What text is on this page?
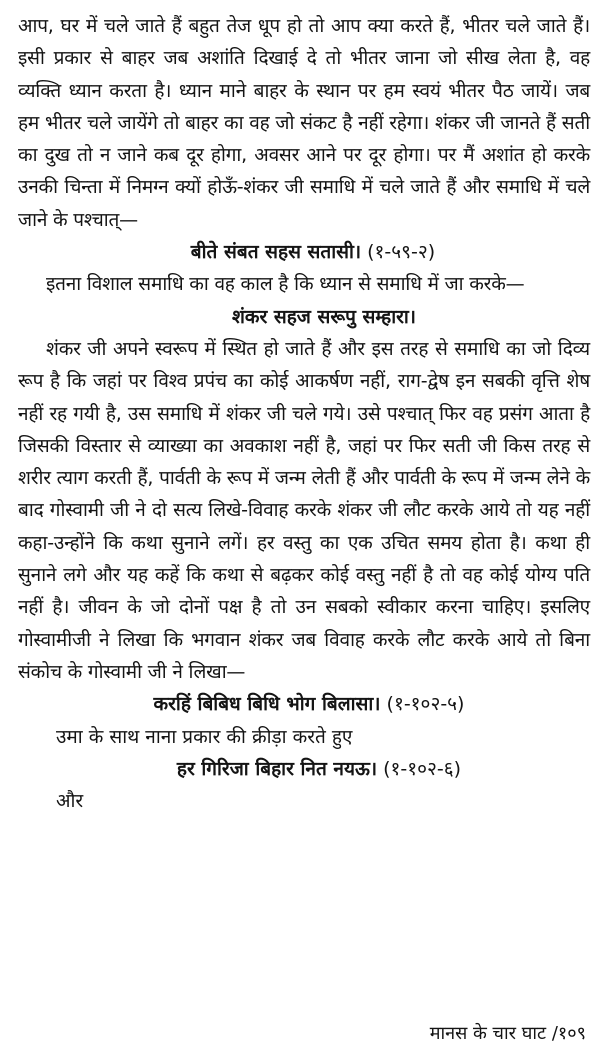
आप, घर में चले जाते हैं बहुत तेज धूप हो तो आप क्या करते हैं, भीतर चले जाते हैं। इसी प्रकार से बाहर जब अशांति दिखाई दे तो भीतर जाना जो सीख लेता है, वह व्यक्ति ध्यान करता है। ध्यान माने बाहर के स्थान पर हम स्वयं भीतर पैठ जायें। जब हम भीतर चले जायेंगे तो बाहर का वह जो संकट है नहीं रहेगा। शंकर जी जानते हैं सती का दुख तो न जाने कब दूर होगा, अवसर आने पर दूर होगा। पर मैं अशांत हो करके उनकी चिन्ता में निमग्न क्यों होऊँ-शंकर जी समाधि में चले जाते हैं और समाधि में चले जाने के पश्चात्—

बीते संबत सहस सतासी। (१-५९-२)

इतना विशाल समाधि का वह काल है कि ध्यान से समाधि में जा करके—

शंकर सहज सरूपु सम्हारा।

शंकर जी अपने स्वरूप में स्थित हो जाते हैं और इस तरह से समाधि का जो दिव्य रूप है कि जहां पर विश्व प्रपंच का कोई आकर्षण नहीं, राग-द्वेष इन सबकी वृत्ति शेष नहीं रह गयी है, उस समाधि में शंकर जी चले गये। उसे पश्चात् फिर वह प्रसंग आता है जिसकी विस्तार से व्याख्या का अवकाश नहीं है, जहां पर फिर सती जी किस तरह से शरीर त्याग करती हैं, पार्वती के रूप में जन्म लेती हैं और पार्वती के रूप में जन्म लेने के बाद गोस्वामी जी ने दो सत्य लिखे-विवाह करके शंकर जी लौट करके आये तो यह नहीं कहा-उन्होंने कि कथा सुनाने लगें। हर वस्तु का एक उचित समय होता है। कथा ही सुनाने लगे और यह कहें कि कथा से बढ़कर कोई वस्तु नहीं है तो वह कोई योग्य पति नहीं है। जीवन के जो दोनों पक्ष है तो उन सबको स्वीकार करना चाहिए। इसलिए गोस्वामीजी ने लिखा कि भगवान शंकर जब विवाह करके लौट करके आये तो बिना संकोच के गोस्वामी जी ने लिखा—

करहिं बिबिध बिधि भोग बिलासा। (१-१०२-५)

उमा के साथ नाना प्रकार की क्रीड़ा करते हुए

हर गिरिजा बिहार नित नयऊ। (१-१०२-६)

और

मानस के चार घाट /१०९
